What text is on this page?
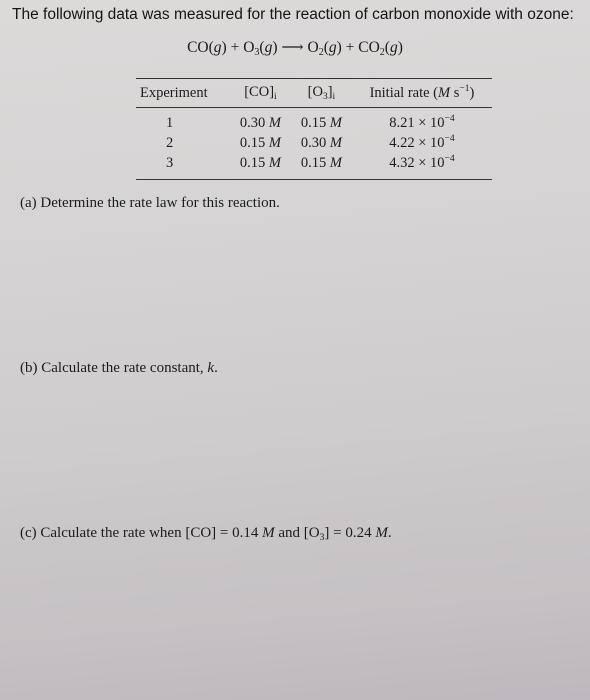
The following data was measured for the reaction of carbon monoxide with ozone:
$CO(g) + O_3(g)$ ⟶ $O_2(g) + CO_2(g)$
Experiment	$[CO]_i$	$[O_3]_i$	Initial rate (M $s^{-1}$)
1	0.30 M	0.15 M	$8.21 \times 10^{-4}$
2	0.15 M	0.30 M	$4.22 \times 10^{-4}$
3	0.15 M	0.15 M	$4.32 \times 10^{-4}$
(a) Determine the rate law for this reaction.
(b) Calculate the rate constant, k.
(c) Calculate the rate when [CO] = 0.14 M and $[O_3] = 0.24$ M.
